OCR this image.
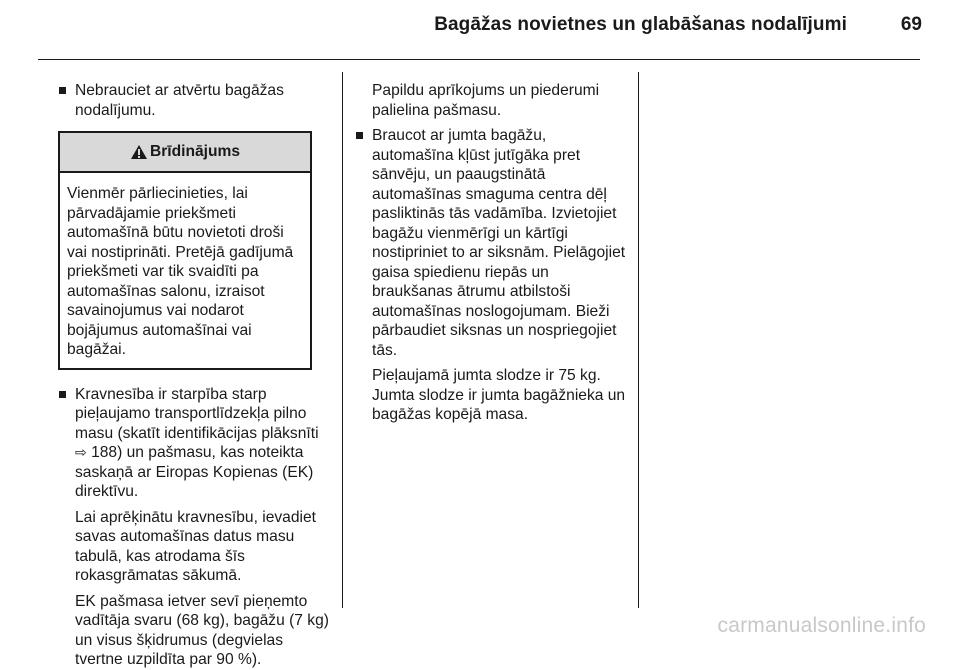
Bagāžas novietnes un glabāšanas nodalījumi	69
Nebrauciet ar atvērtu bagāžas nodalījumu.
Brīdinājums
Vienmēr pārliecinieties, lai pārvadājamie priekšmeti automašīnā būtu novietoti droši vai nostiprināti. Pretējā gadījumā priekšmeti var tik svaidīti pa automašīnas salonu, izraisot savainojumus vai nodarot bojājumus automašīnai vai bagāžai.
Kravnesība ir starpība starp pieļaujamo transportlīdzekļa pilno masu (skatīt identifikācijas plāksnīti ⇨ 188) un pašmasu, kas noteikta saskaņā ar Eiropas Kopienas (EK) direktīvu.
Lai aprēķinātu kravnesību, ievadiet savas automašīnas datus masu tabulā, kas atrodama šīs rokasgrāmatas sākumā.
EK pašmasa ietver sevī pieņemto vadītāja svaru (68 kg), bagāžu (7 kg) un visus šķidrumus (degvielas tvertne uzpildīta par 90 %).
Papildu aprīkojums un piederumi palielina pašmasu.
Braucot ar jumta bagāžu, automašīna kļūst jutīgāka pret sānvēju, un paaugstinātā automašīnas smaguma centra dēļ pasliktinās tās vadāmība. Izvietojiet bagāžu vienmērīgi un kārtīgi nostipriniet to ar siksnām. Pielāgojiet gaisa spiedienu riepās un braukšanas ātrumu atbilstoši automašīnas noslogojumam. Bieži pārbaudiet siksnas un nospriegojiet tās.
Pieļaujamā jumta slodze ir 75 kg. Jumta slodze ir jumta bagāžnieka un bagāžas kopējā masa.
carmanualsonline.info
